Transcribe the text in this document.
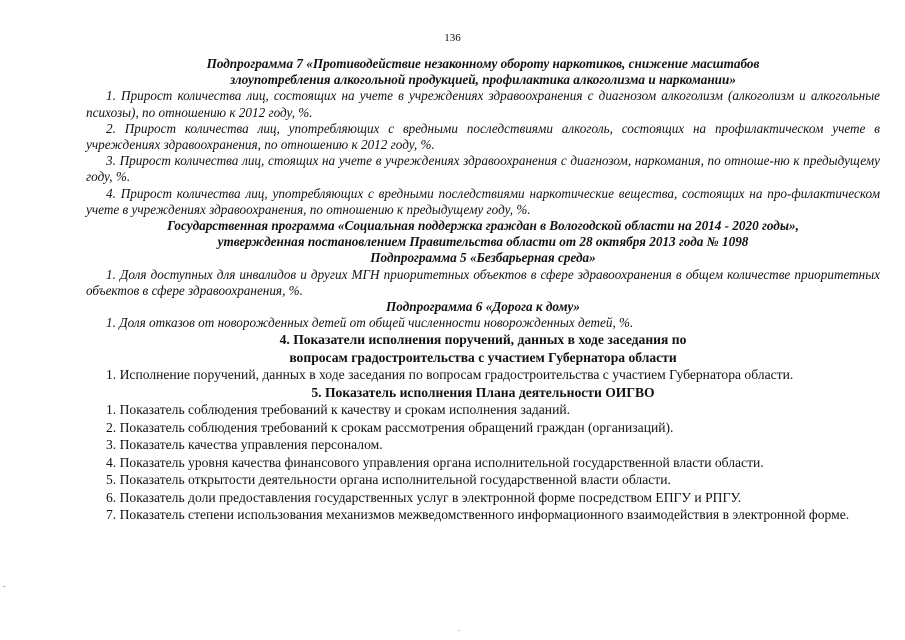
136

Подпрограмма 7 «Противодействие незаконному обороту наркотиков, снижение масштабов

злоупотребления алкогольной продукцией, профилактика алкоголизма и наркомании»

1. Прирост количества лиц, состоящих на учете в учреждениях здравоохранения с диагнозом алкоголизм (алкоголизм и алкогольные психозы), по отношению к 2012 году, %.

2. Прирост количества лиц, употребляющих с вредными последствиями алкоголь, состоящих на профилактическом учете в учреждениях здравоохранения, по отношению к 2012 году, %.

3. Прирост количества лиц, стоящих на учете в учреждениях здравоохранения с диагнозом, наркомания, по отноше-ню к предыдущему году, %.

4. Прирост количества лиц, употребляющих с вредными последствиями наркотические вещества, состоящих на про-филактическом учете в учреждениях здравоохранения, по отношению к предыдущему году, %.

Государственная программа «Социальная поддержка граждан в Вологодской области на 2014 - 2020 годы»,

утвержденная постановлением Правительства области от 28 октября 2013 года № 1098

Подпрограмма 5 «Безбарьерная среда»

1. Доля доступных для инвалидов и других МГН приоритетных объектов в сфере здравоохранения в общем количестве приоритетных объектов в сфере здравоохранения, %.

Подпрограмма 6 «Дорога к дому»

1. Доля отказов от новорожденных детей от общей численности новорожденных детей, %.

4. Показатели исполнения поручений, данных в ходе заседания по

вопросам градостроительства с участием Губернатора области

1. Исполнение поручений, данных в ходе заседания по вопросам градостроительства с участием Губернатора области.

5. Показатель исполнения Плана деятельности ОИГВО

1. Показатель соблюдения требований к качеству и срокам исполнения заданий.

2. Показатель соблюдения требований к срокам рассмотрения обращений граждан (организаций).

3. Показатель качества управления персоналом.

4. Показатель уровня качества финансового управления органа исполнительной государственной власти области.

5. Показатель открытости деятельности органа исполнительной государственной власти области.

6. Показатель доли предоставления государственных услуг в электронной форме посредством ЕПГУ и РПГУ.

7. Показатель степени использования механизмов межведомственного информационного взаимодействия в электронной форме.

-
.
